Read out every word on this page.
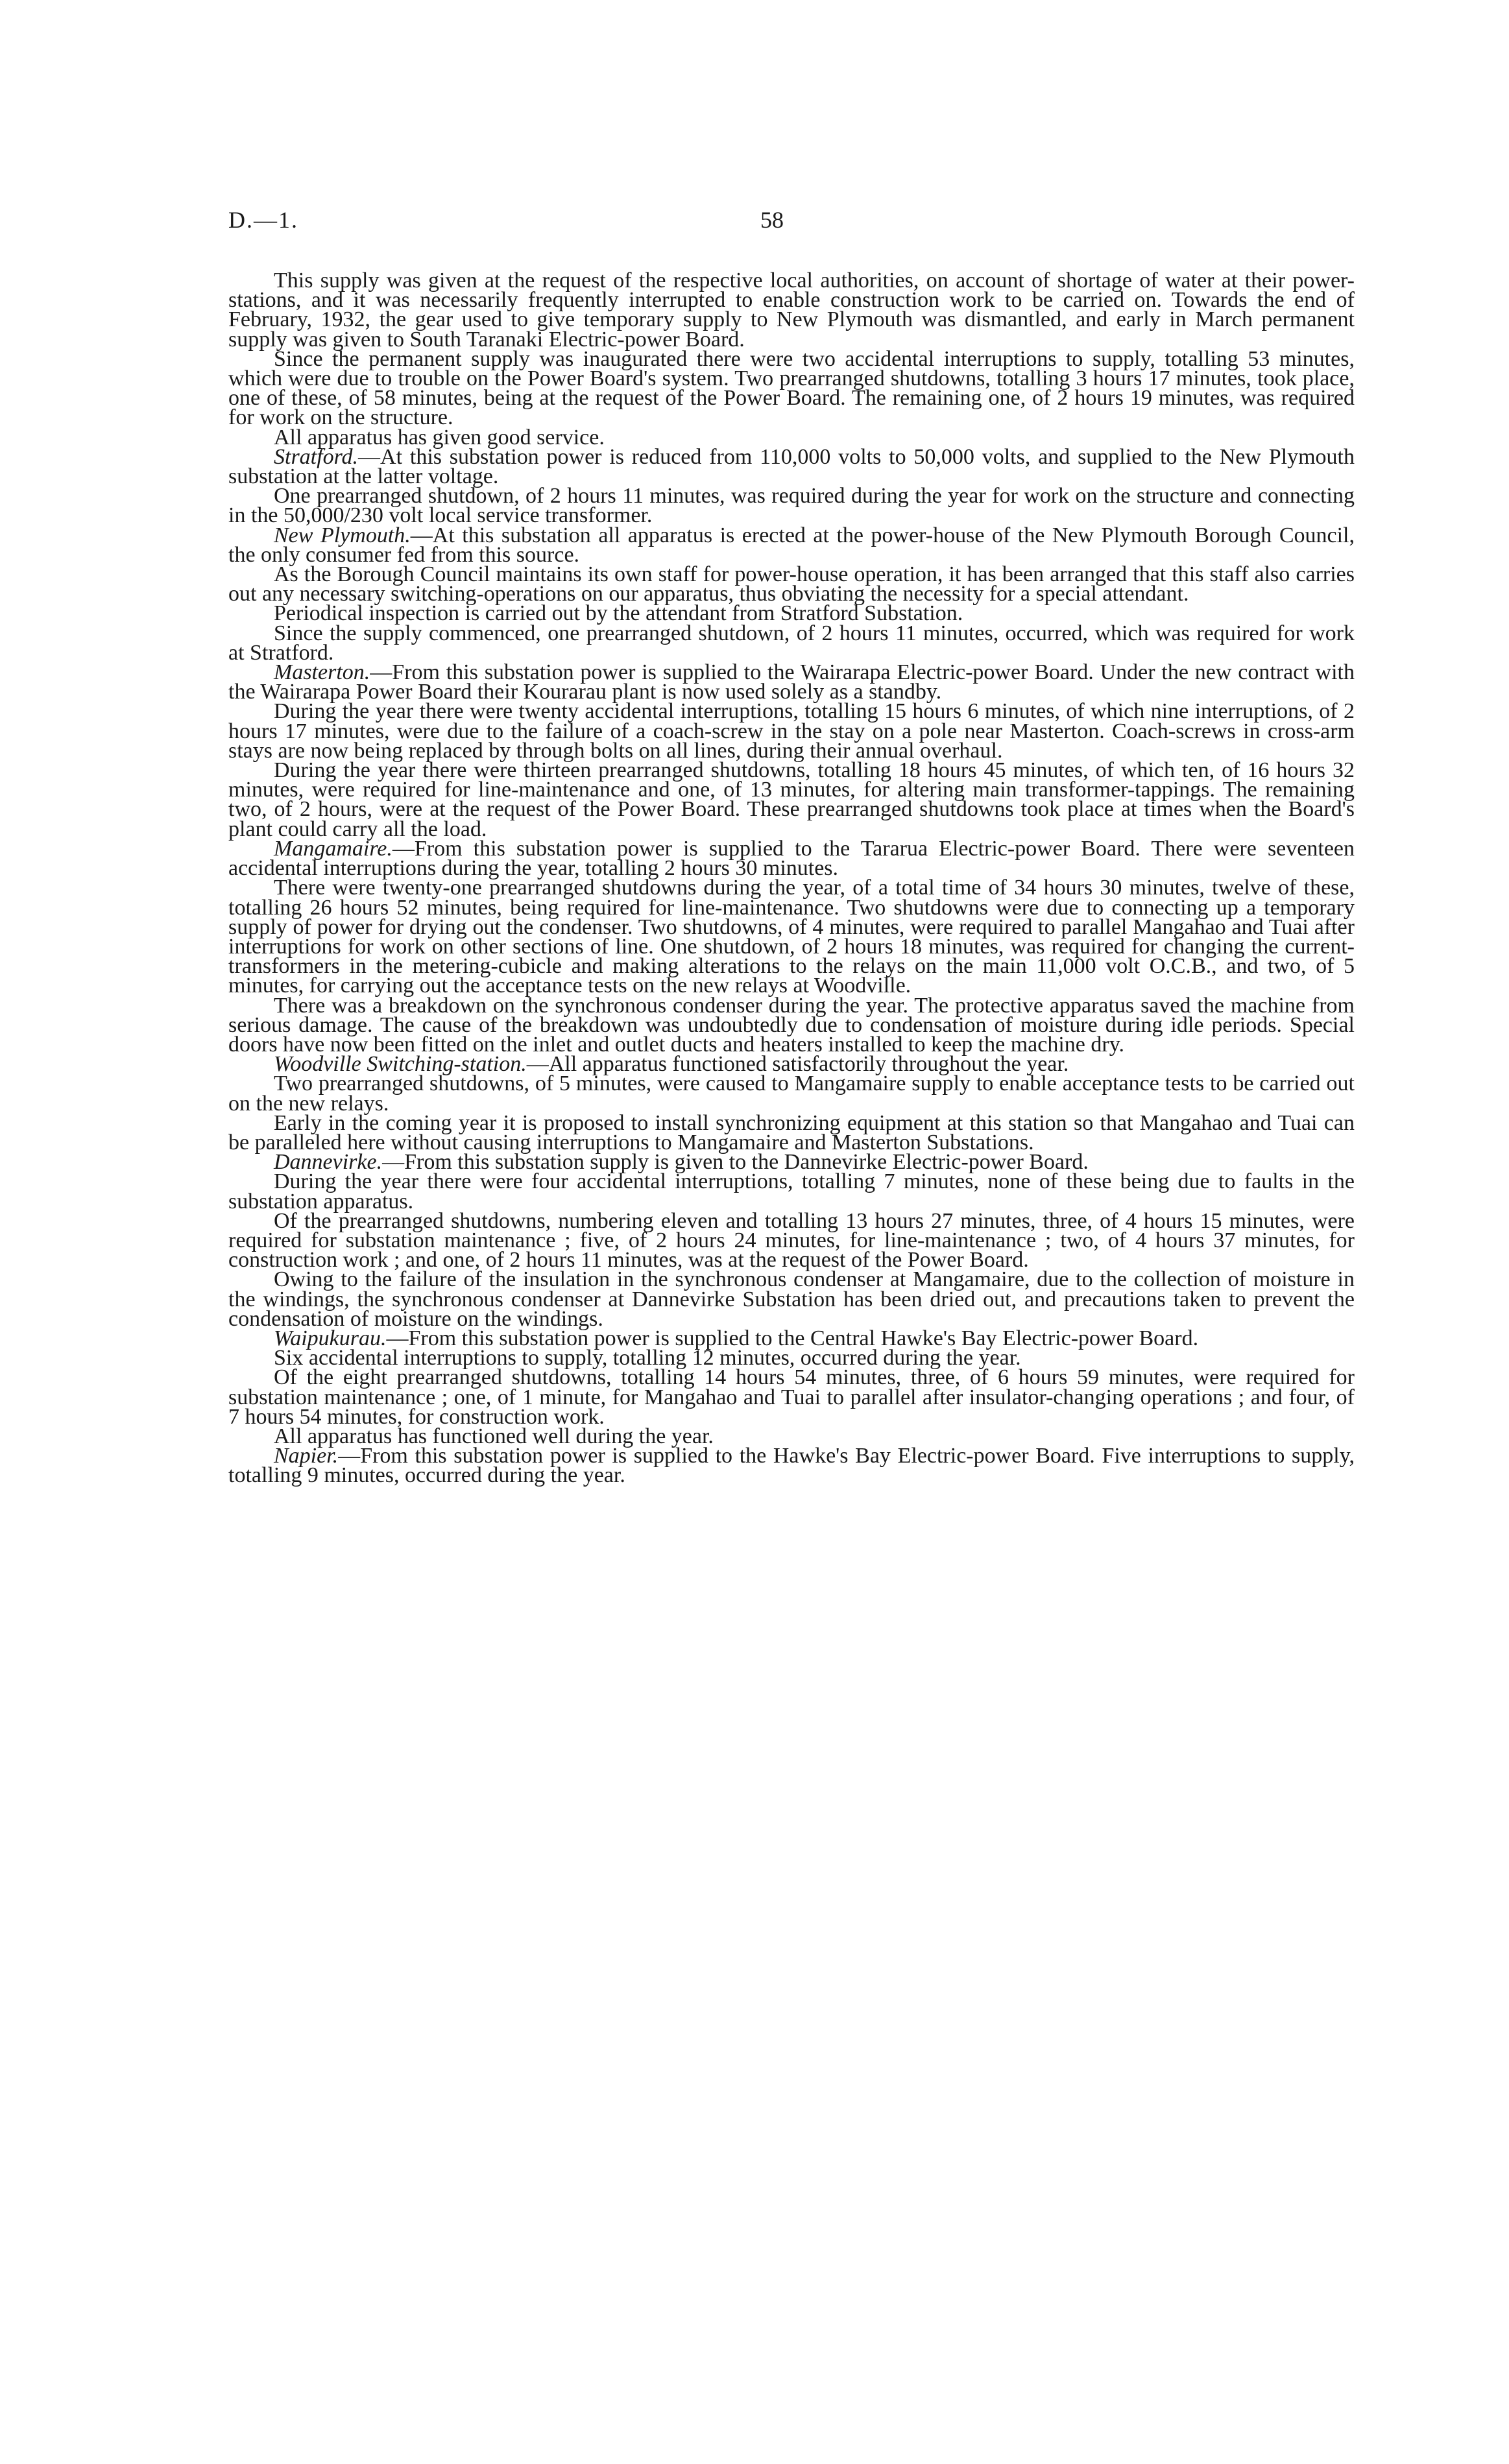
D.—1.	58

This supply was given at the request of the respective local authorities, on account of shortage of water at their power-stations, and it was necessarily frequently interrupted to enable construction work to be carried on. Towards the end of February, 1932, the gear used to give temporary supply to New Plymouth was dismantled, and early in March permanent supply was given to South Taranaki Electric-power Board.

Since the permanent supply was inaugurated there were two accidental interruptions to supply, totalling 53 minutes, which were due to trouble on the Power Board's system. Two prearranged shutdowns, totalling 3 hours 17 minutes, took place, one of these, of 58 minutes, being at the request of the Power Board. The remaining one, of 2 hours 19 minutes, was required for work on the structure.

All apparatus has given good service.

Stratford.—At this substation power is reduced from 110,000 volts to 50,000 volts, and supplied to the New Plymouth substation at the latter voltage.

One prearranged shutdown, of 2 hours 11 minutes, was required during the year for work on the structure and connecting in the 50,000/230 volt local service transformer.

New Plymouth.—At this substation all apparatus is erected at the power-house of the New Plymouth Borough Council, the only consumer fed from this source.

As the Borough Council maintains its own staff for power-house operation, it has been arranged that this staff also carries out any necessary switching-operations on our apparatus, thus obviating the necessity for a special attendant.

Periodical inspection is carried out by the attendant from Stratford Substation.

Since the supply commenced, one prearranged shutdown, of 2 hours 11 minutes, occurred, which was required for work at Stratford.

Masterton.—From this substation power is supplied to the Wairarapa Electric-power Board. Under the new contract with the Wairarapa Power Board their Kourarau plant is now used solely as a standby.

During the year there were twenty accidental interruptions, totalling 15 hours 6 minutes, of which nine interruptions, of 2 hours 17 minutes, were due to the failure of a coach-screw in the stay on a pole near Masterton. Coach-screws in cross-arm stays are now being replaced by through bolts on all lines, during their annual overhaul.

During the year there were thirteen prearranged shutdowns, totalling 18 hours 45 minutes, of which ten, of 16 hours 32 minutes, were required for line-maintenance and one, of 13 minutes, for altering main transformer-tappings. The remaining two, of 2 hours, were at the request of the Power Board. These prearranged shutdowns took place at times when the Board's plant could carry all the load.

Mangamaire.—From this substation power is supplied to the Tararua Electric-power Board. There were seventeen accidental interruptions during the year, totalling 2 hours 30 minutes.

There were twenty-one prearranged shutdowns during the year, of a total time of 34 hours 30 minutes, twelve of these, totalling 26 hours 52 minutes, being required for line-maintenance. Two shutdowns were due to connecting up a temporary supply of power for drying out the condenser. Two shutdowns, of 4 minutes, were required to parallel Mangahao and Tuai after interruptions for work on other sections of line. One shutdown, of 2 hours 18 minutes, was required for changing the current-transformers in the metering-cubicle and making alterations to the relays on the main 11,000 volt O.C.B., and two, of 5 minutes, for carrying out the acceptance tests on the new relays at Woodville.

There was a breakdown on the synchronous condenser during the year. The protective apparatus saved the machine from serious damage. The cause of the breakdown was undoubtedly due to condensation of moisture during idle periods. Special doors have now been fitted on the inlet and outlet ducts and heaters installed to keep the machine dry.

Woodville Switching-station.—All apparatus functioned satisfactorily throughout the year.

Two prearranged shutdowns, of 5 minutes, were caused to Mangamaire supply to enable acceptance tests to be carried out on the new relays.

Early in the coming year it is proposed to install synchronizing equipment at this station so that Mangahao and Tuai can be paralleled here without causing interruptions to Mangamaire and Masterton Substations.

Dannevirke.—From this substation supply is given to the Dannevirke Electric-power Board.

During the year there were four accidental interruptions, totalling 7 minutes, none of these being due to faults in the substation apparatus.

Of the prearranged shutdowns, numbering eleven and totalling 13 hours 27 minutes, three, of 4 hours 15 minutes, were required for substation maintenance ; five, of 2 hours 24 minutes, for line-maintenance ; two, of 4 hours 37 minutes, for construction work ; and one, of 2 hours 11 minutes, was at the request of the Power Board.

Owing to the failure of the insulation in the synchronous condenser at Mangamaire, due to the collection of moisture in the windings, the synchronous condenser at Dannevirke Substation has been dried out, and precautions taken to prevent the condensation of moisture on the windings.

Waipukurau.—From this substation power is supplied to the Central Hawke's Bay Electric-power Board.

Six accidental interruptions to supply, totalling 12 minutes, occurred during the year.

Of the eight prearranged shutdowns, totalling 14 hours 54 minutes, three, of 6 hours 59 minutes, were required for substation maintenance ; one, of 1 minute, for Mangahao and Tuai to parallel after insulator-changing operations ; and four, of 7 hours 54 minutes, for construction work.

All apparatus has functioned well during the year.

Napier.—From this substation power is supplied to the Hawke's Bay Electric-power Board. Five interruptions to supply, totalling 9 minutes, occurred during the year.
